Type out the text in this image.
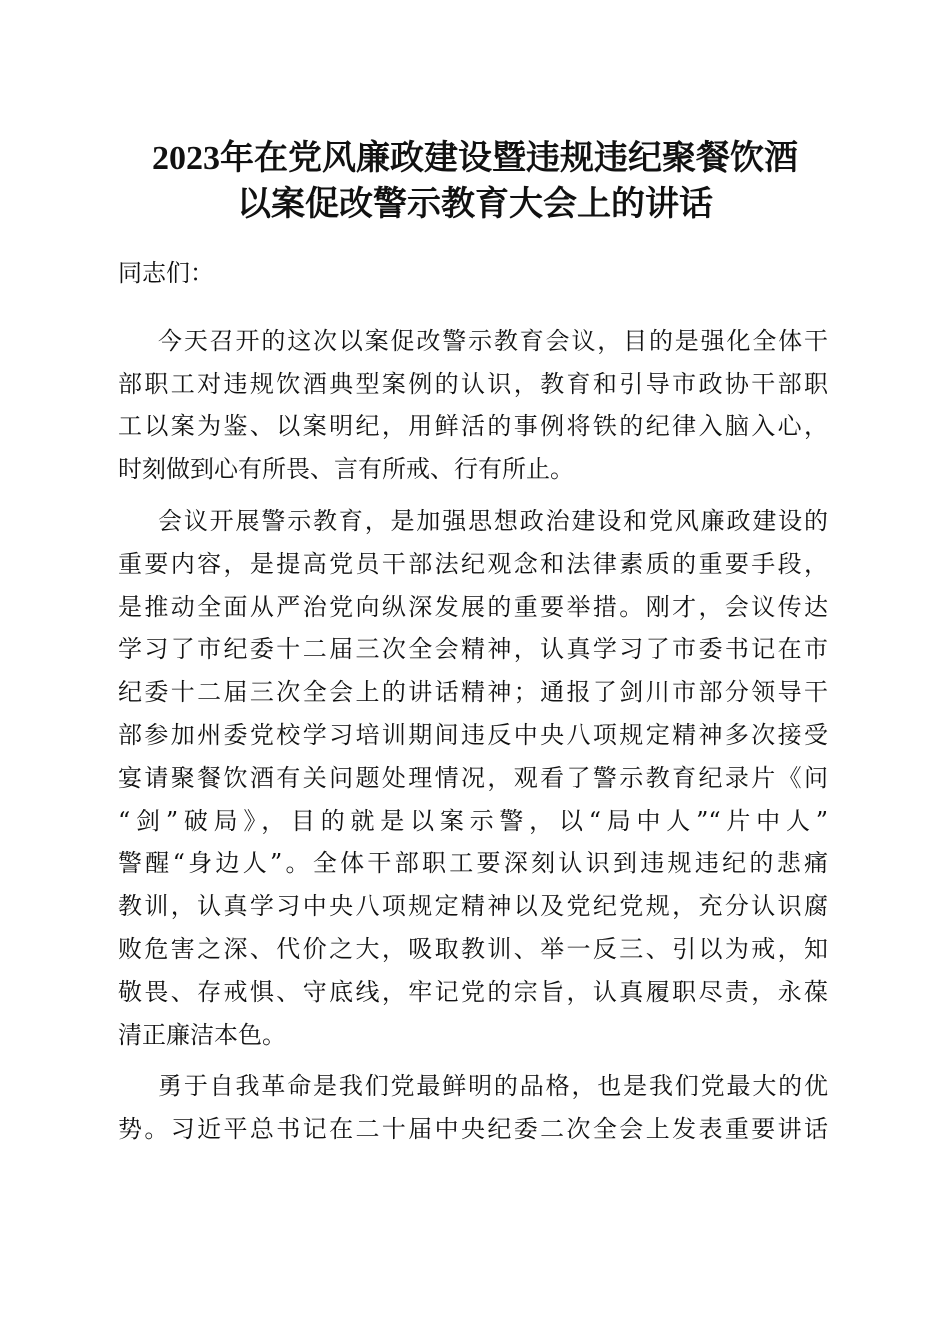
2023年在党风廉政建设暨违规违纪聚餐饮酒
以案促改警示教育大会上的讲话
同志们：
今天召开的这次以案促改警示教育会议，目的是强化全体干
部职工对违规饮酒典型案例的认识，教育和引导市政协干部职
工以案为鉴、以案明纪，用鲜活的事例将铁的纪律入脑入心，
时刻做到心有所畏、言有所戒、行有所止。
会议开展警示教育，是加强思想政治建设和党风廉政建设的
重要内容，是提高党员干部法纪观念和法律素质的重要手段，
是推动全面从严治党向纵深发展的重要举措。刚才，会议传达
学习了市纪委十二届三次全会精神，认真学习了市委书记在市
纪委十二届三次全会上的讲话精神；通报了剑川市部分领导干
部参加州委党校学习培训期间违反中央八项规定精神多次接受
宴请聚餐饮酒有关问题处理情况，观看了警示教育纪录片《问
“剑”破局》，目的就是以案示警，以“局中人”“片中人”
警醒“身边人”。全体干部职工要深刻认识到违规违纪的悲痛
教训，认真学习中央八项规定精神以及党纪党规，充分认识腐
败危害之深、代价之大，吸取教训、举一反三、引以为戒，知
敬畏、存戒惧、守底线，牢记党的宗旨，认真履职尽责，永葆
清正廉洁本色。
勇于自我革命是我们党最鲜明的品格，也是我们党最大的优
势。习近平总书记在二十届中央纪委二次全会上发表重要讲话
